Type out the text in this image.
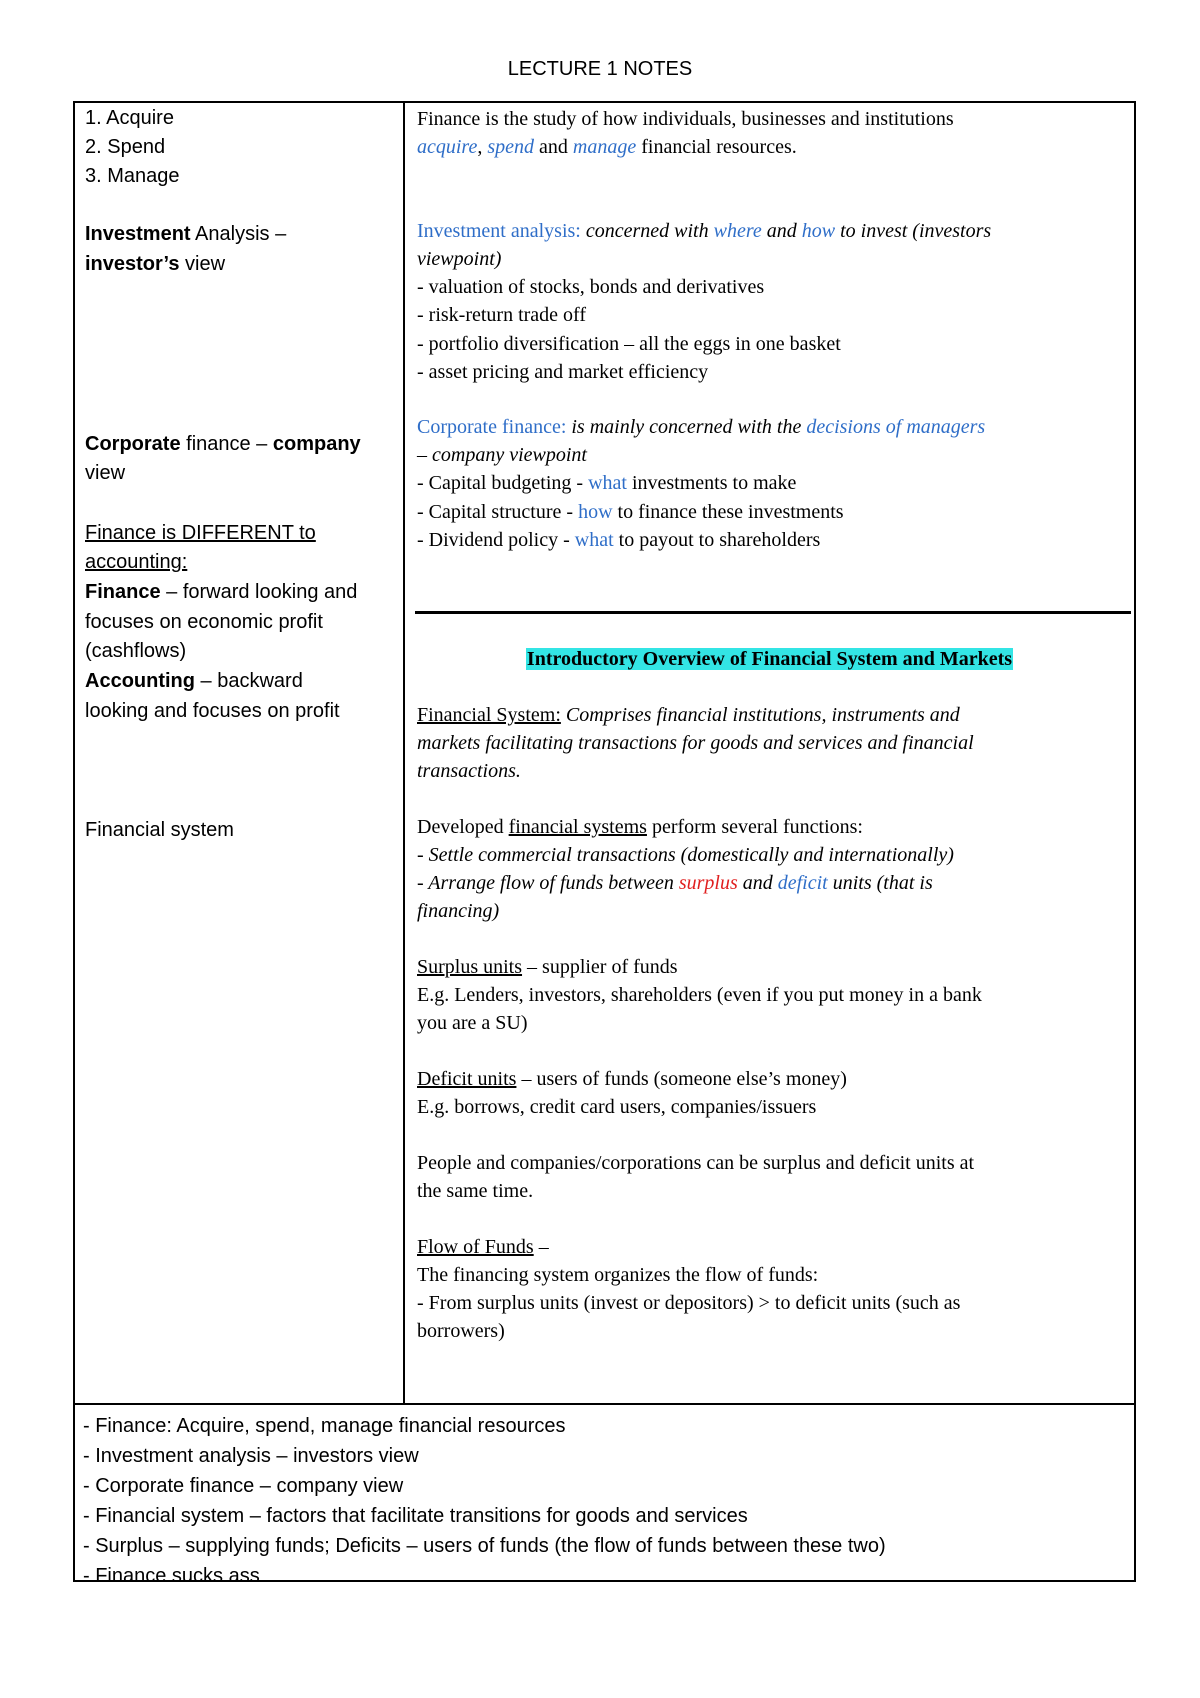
LECTURE 1 NOTES
1. Acquire
2. Spend
3. Manage
Investment Analysis –
investor’s view
Corporate finance – company
view
Finance is DIFFERENT to
accounting:
Finance – forward looking and
focuses on economic profit
(cashflows)
Accounting – backward
looking and focuses on profit
Financial system
Finance is the study of how individuals, businesses and institutions
acquire, spend and manage financial resources.
Investment analysis: concerned with where and how to invest (investors
viewpoint)
- valuation of stocks, bonds and derivatives
- risk-return trade off
- portfolio diversification – all the eggs in one basket
- asset pricing and market efficiency
Corporate finance: is mainly concerned with the decisions of managers
– company viewpoint
- Capital budgeting - what investments to make
- Capital structure - how to finance these investments
- Dividend policy - what to payout to shareholders
Introductory Overview of Financial System and Markets
Financial System: Comprises financial institutions, instruments and
markets facilitating transactions for goods and services and financial
transactions.
Developed financial systems perform several functions:
- Settle commercial transactions (domestically and internationally)
- Arrange flow of funds between surplus and deficit units (that is
financing)
Surplus units – supplier of funds
E.g. Lenders, investors, shareholders (even if you put money in a bank
you are a SU)
Deficit units – users of funds (someone else’s money)
E.g. borrows, credit card users, companies/issuers
People and companies/corporations can be surplus and deficit units at
the same time.
Flow of Funds –
The financing system organizes the flow of funds:
- From surplus units (invest or depositors) > to deficit units (such as
borrowers)
- Finance: Acquire, spend, manage financial resources
- Investment analysis – investors view
- Corporate finance – company view
- Financial system – factors that facilitate transitions for goods and services
- Surplus – supplying funds; Deficits – users of funds (the flow of funds between these two)
- Finance sucks ass
